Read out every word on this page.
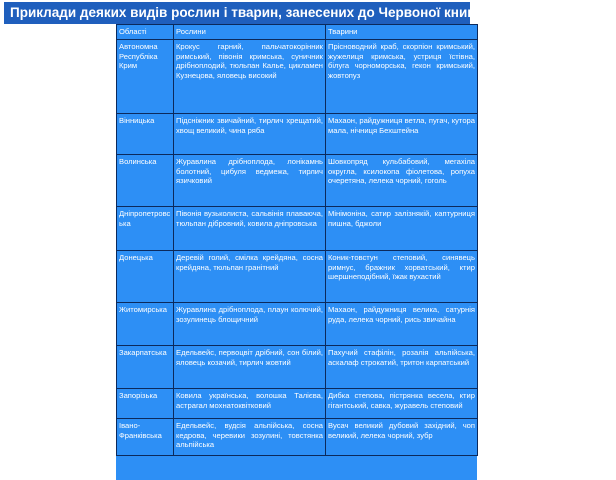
Приклади деяких видів рослин і тварин, занесених до Червоної книги України по регіонах
Області	Рослини	Тварини
Автономна Республіка Крим	Крокус гарний, пальчатокорінник римський, півонія кримська, суничник дрібноплодий, тюльпан Калье, цикламен Кузнецова, яловець високий	Прісноводний краб, скорпіон кримський, жужелиця кримська, устриця їстівна, білуга чорноморська, гекон кримський, жовтопуз
Вінницька	Підсніжник звичайний, тирлич хрещатий, хвощ великий, чина рябa	Махаон, райдужниця ветла, пугач, кутора мала, нічниця Бехштейна
Волинська	Журавлина дрібноплода, лонікамнь болотний, цибуля ведмежа, тирлич язичковий	Шовкопряд кульбабовий, мегахіла округла, ксилокопа фіолетова, ропуха очеретяна, лелека чорний, гоголь
Дніпропетровська	Півонія вузьколиста, сальвінія плаваюча, тюльпан дібровний, ковила дніпровська	Мінімоніна, сатир залізнякій, каптурниця пишна, бджоли
Донецька	Деревій голий, смілка крейдяна, сосна крейдяна, тюльпан гранітний	Коник-товстун степовий, синявець римнус, бражник хорватський, ктир шершнеподібний, їжак вухастий
Житомирська	Журавлина дрібноплода, плаун колючий, зозулинець блощичний	Махаон, райдужниця велика, сатурнія руда, лелека чорний, рись звичайна
Закарпатська	Едельвейс, первоцвіт дрібний, сон білий, яловець козачий, тирлич жовтий	Пахучий стафілін, розалія альпійська, аскалаф строкатий, тритон карпатський
Запорізька	Ковила українська, волошка Талієва, астрагал мохнатоквітковий	Дибка степова, пістрянка весела, ктир гігантський, савка, журавель степовий
Івано-Франківська	Едельвейс, вудсія альпійська, сосна кедрова, черевики зозулині, товстянка альпійська	Вусач великий дубовий західний, чоп великий, лелека чорний, зубр
